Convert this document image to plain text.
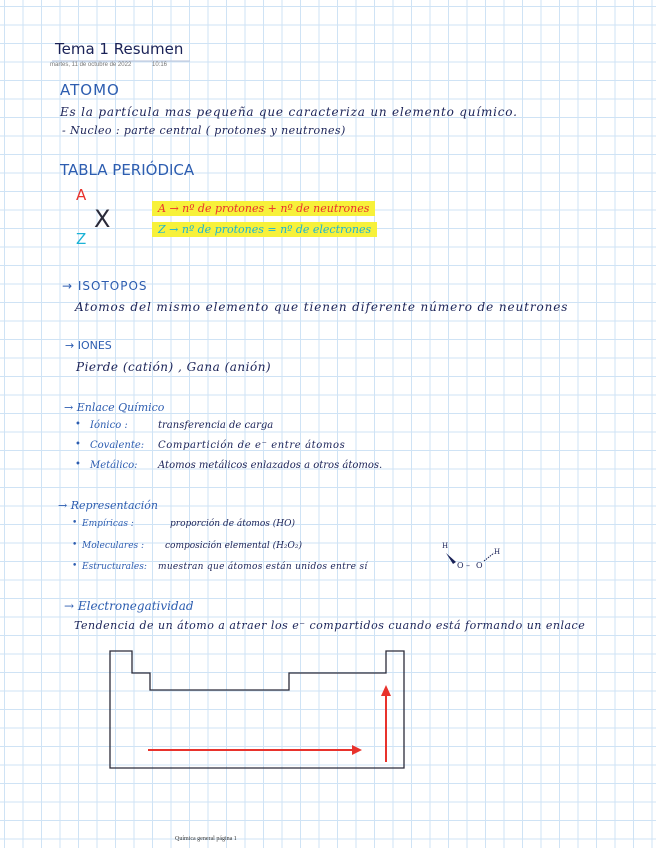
Tema 1 Resumen
martes, 11 de octubre de 2022	10:16
ATOMO
Es la partícula mas pequeña que caracteriza un elemento químico.
- Nucleo : parte central ( protones y neutrones)
TABLA PERIÓDICA
A
X
Z
A → nº de protones + nº de neutrones
Z → nº de protones = nº de electrones
→ ISOTOPOS
Atomos del mismo elemento que tienen diferente número de neutrones
→ IONES
Pierde (catión) , Gana (anión)
→ Enlace Químico
• Iónico :	transferencia de carga
• Covalente: Compartición de e⁻ entre átomos
• Metálico: Atomos metálicos enlazados a otros átomos.
→ Representación
• Empíricas :	proporción de átomos (HO)
• Moleculares : composición elemental (H₂O₂)
• Estructurales: muestran que átomos están unidos entre sí
H
O – O
H
→ Electronegatividad
Tendencia de un átomo a atraer los e⁻ compartidos cuando está formando un enlace
Química general página 1
